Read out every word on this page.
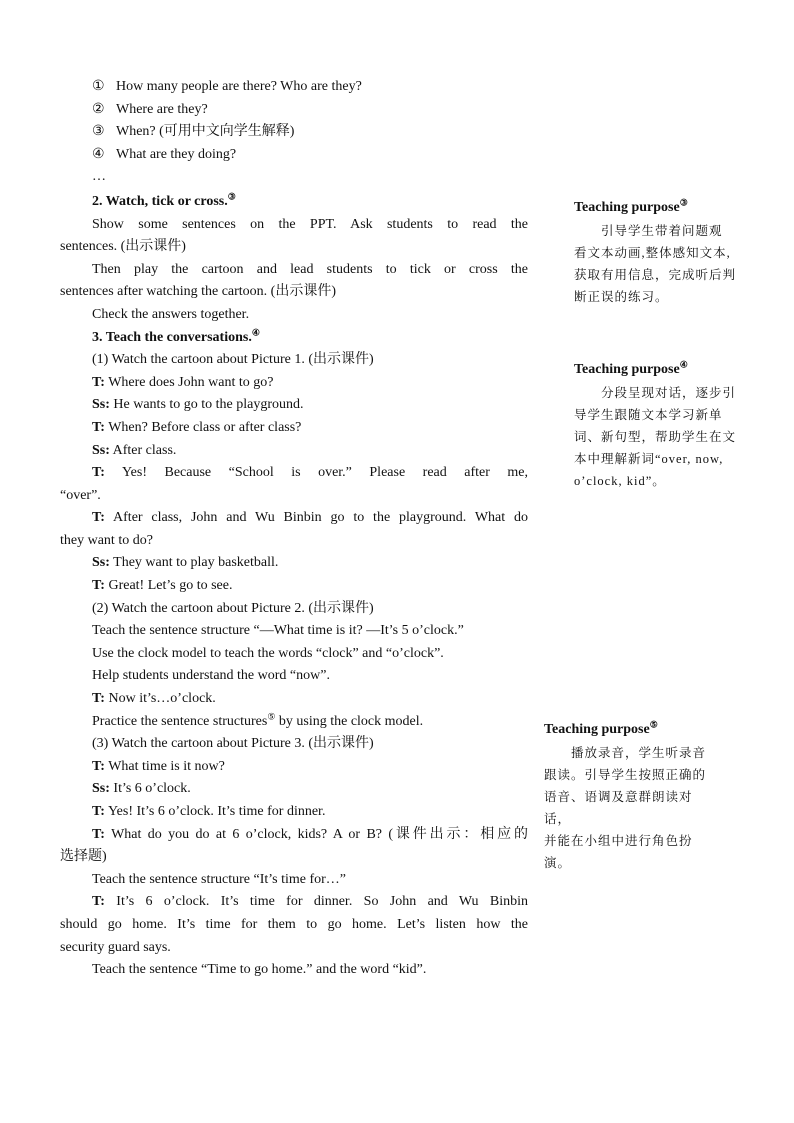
① How many people are there? Who are they?
② Where are they?
③ When? (可用中文向学生解释)
④ What are they doing?
…
2. Watch, tick or cross.③
Show some sentences on the PPT. Ask students to read the
sentences. (出示课件)
Then play the cartoon and lead students to tick or cross the
sentences after watching the cartoon. (出示课件)
Check the answers together.
3. Teach the conversations.④
(1) Watch the cartoon about Picture 1. (出示课件)
T: Where does John want to go?
Ss: He wants to go to the playground.
T: When? Before class or after class?
Ss: After class.
T: Yes! Because “School is over.” Please read after me,
“over”.
T: After class, John and Wu Binbin go to the playground. What do
they want to do?
Ss: They want to play basketball.
T: Great! Let’s go to see.
(2) Watch the cartoon about Picture 2. (出示课件)
Teach the sentence structure “—What time is it? —It’s 5 o’clock.”
Use the clock model to teach the words “clock” and “o’clock”.
Help students understand the word “now”.
T: Now it’s…o’clock.
Practice the sentence structures⑤ by using the clock model.
(3) Watch the cartoon about Picture 3. (出示课件)
T: What time is it now?
Ss: It’s 6 o’clock.
T: Yes! It’s 6 o’clock. It’s time for dinner.
T: What do you do at 6 o’clock, kids? A or B? (课件出示：相应的
选择题)
Teach the sentence structure “It’s time for…”
T: It’s 6 o’clock. It’s time for dinner. So John and Wu Binbin
should go home. It’s time for them to go home. Let’s listen how the
security guard says.
Teach the sentence “Time to go home.” and the word “kid”.
Teaching purpose③
　　引导学生带着问题观
看文本动画,整体感知文本,
获取有用信息，完成听后判
断正误的练习。
Teaching purpose④
　　分段呈现对话，逐步引
导学生跟随文本学习新单
词、新句型，帮助学生在文
本中理解新词“over, now,
o’clock, kid”。
Teaching purpose⑤
　　播放录音，学生听录音
跟读。引导学生按照正确的
语音、语调及意群朗读对话，
并能在小组中进行角色扮
演。
